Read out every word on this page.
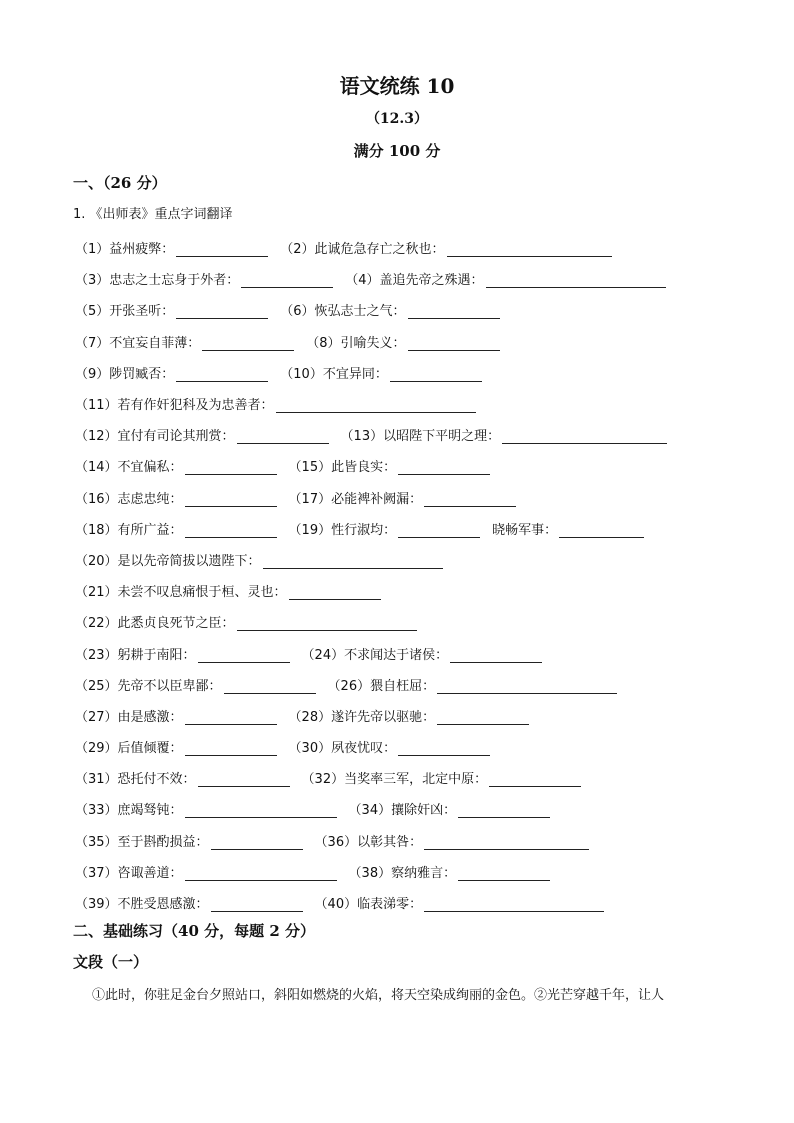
语文统练 10
（12.3）
满分 100 分
一、（26 分）
1. 《出师表》重点字词翻译
（1）益州疲弊：	（2）此诚危急存亡之秋也：
（3）忠志之士忘身于外者：	（4）盖追先帝之殊遇：
（5）开张圣听：	（6）恢弘志士之气：
（7）不宜妄自菲薄：	（8）引喻失义：
（9）陟罚臧否：	（10）不宜异同：
（11）若有作奸犯科及为忠善者：
（12）宜付有司论其刑赏：	（13）以昭陛下平明之理：
（14）不宜偏私：	（15）此皆良实：
（16）志虑忠纯：	（17）必能裨补阙漏：
（18）有所广益：	（19）性行淑均：	晓畅军事：
（20）是以先帝简拔以遗陛下：
（21）未尝不叹息痛恨于桓、灵也：
（22）此悉贞良死节之臣：
（23）躬耕于南阳：	（24）不求闻达于诸侯：
（25）先帝不以臣卑鄙：	（26）猥自枉屈：
（27）由是感激：	（28）遂许先帝以驱驰：
（29）后值倾覆：	（30）夙夜忧叹：
（31）恐托付不效：	（32）当奖率三军，北定中原：
（33）庶竭驽钝：	（34）攘除奸凶：
（35）至于斟酌损益：	（36）以彰其咎：
（37）咨诹善道：	（38）察纳雅言：
（39）不胜受恩感激：	（40）临表涕零：
二、基础练习（40 分，每题 2 分）
文段（一）
①此时，你驻足金台夕照站口，斜阳如燃烧的火焰，将天空染成绚丽的金色。②光芒穿越千年，让人
